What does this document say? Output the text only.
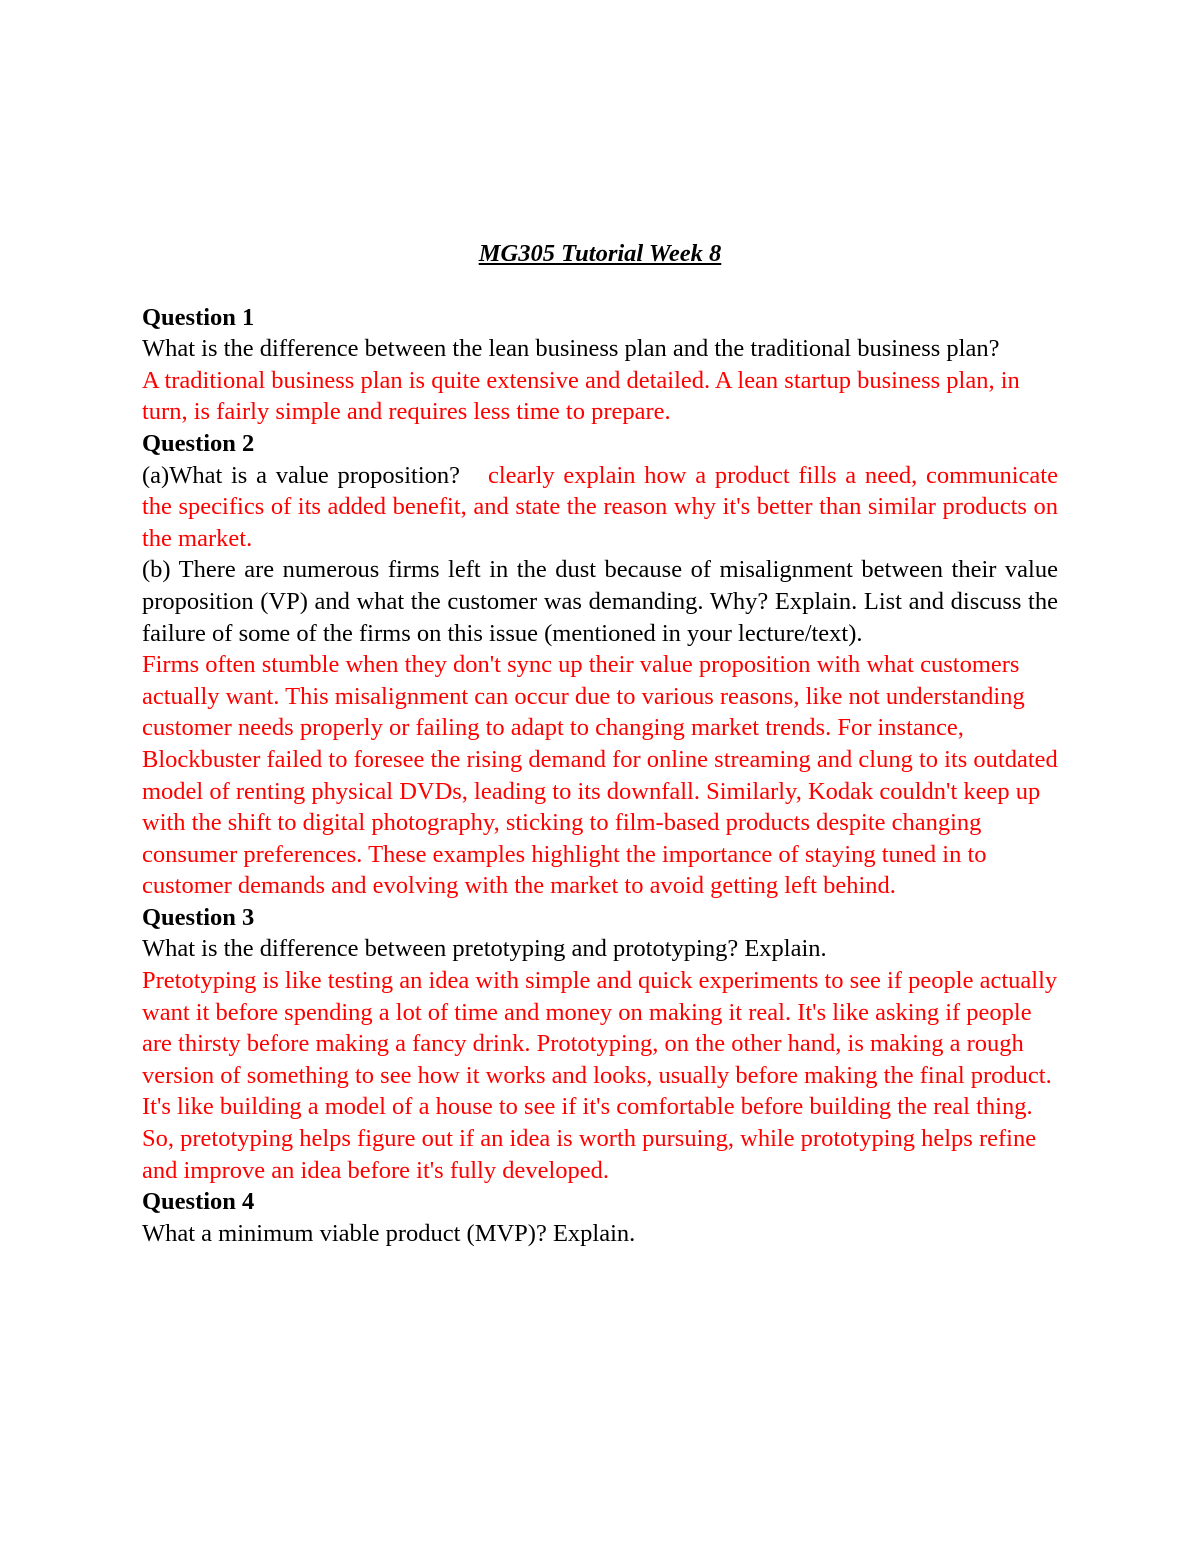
MG305 Tutorial Week 8

Question 1

What is the difference between the lean business plan and the traditional business plan?

A traditional business plan is quite extensive and detailed. A lean startup business plan, in turn, is fairly simple and requires less time to prepare.

Question 2

(a)What is a value proposition? clearly explain how a product fills a need, communicate the specifics of its added benefit, and state the reason why it's better than similar products on the market.

(b) There are numerous firms left in the dust because of misalignment between their value proposition (VP) and what the customer was demanding. Why? Explain. List and discuss the failure of some of the firms on this issue (mentioned in your lecture/text).

Firms often stumble when they don't sync up their value proposition with what customers actually want. This misalignment can occur due to various reasons, like not understanding customer needs properly or failing to adapt to changing market trends. For instance, Blockbuster failed to foresee the rising demand for online streaming and clung to its outdated model of renting physical DVDs, leading to its downfall. Similarly, Kodak couldn't keep up with the shift to digital photography, sticking to film-based products despite changing consumer preferences. These examples highlight the importance of staying tuned in to customer demands and evolving with the market to avoid getting left behind.

Question 3

What is the difference between pretotyping and prototyping? Explain.

Pretotyping is like testing an idea with simple and quick experiments to see if people actually want it before spending a lot of time and money on making it real. It's like asking if people are thirsty before making a fancy drink. Prototyping, on the other hand, is making a rough version of something to see how it works and looks, usually before making the final product. It's like building a model of a house to see if it's comfortable before building the real thing. So, pretotyping helps figure out if an idea is worth pursuing, while prototyping helps refine and improve an idea before it's fully developed.

Question 4

What a minimum viable product (MVP)? Explain.
